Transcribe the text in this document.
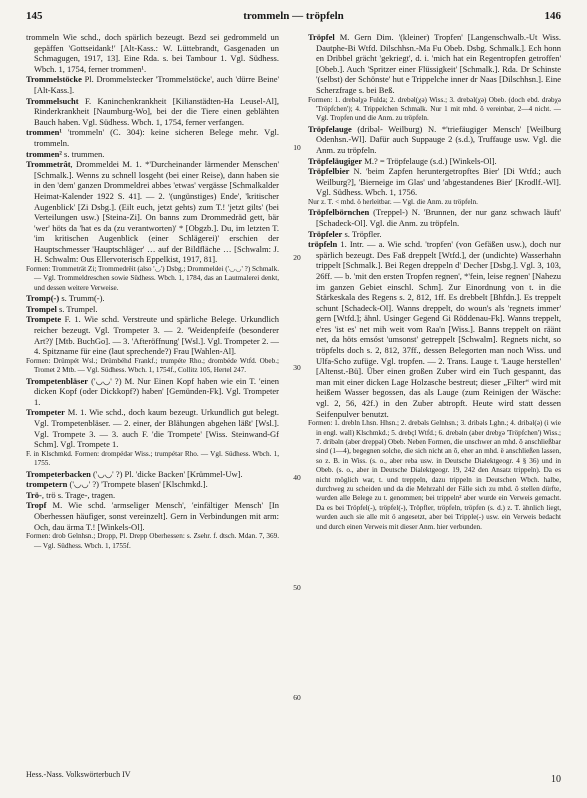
145	trommeln — tröpfeln	146

trommeln Wie schd., doch spärlich bezeugt. Bezd sei gedrommeld un gepäffen 'Gottseidank!' [Alt-Kass.: W. Lüttebrandt, Gasgenaden un Schmagugen, 1917, 13]. Eine Rda. s. bei Tambour 1. Vgl. Südhess. Wbch. 1, 1754, ferner trommen¹.

Trommelstöcke Pl. Drommelstecker 'Trommelstöcke', auch 'dürre Beine' [Alt-Kass.].

Trommelsucht F. Kaninchenkrankheit [Kilianstädten-Ha Leusel-Al], Rinderkrankheit [Naumburg-Wo], bei der die Tiere einen geblähten Bauch haben. Vgl. Südhess. Wbch. 1, 1754, ferner verfangen.

trommen¹ 'trommeln' (C. 304): keine sicheren Belege mehr. Vgl. trommeln.

trommen² s. trummen.

Trommetrât, Drommeldei M. 1. *'Durcheinander lärmender Menschen' [Schmalk.]. Wenns zu schnell losgeht (bei einer Reise), dann haben sie in den 'dem' ganzen Drommeldrei abbes 'etwas' vergässe [Schmalkalder Heimat-Kalender 1922 S. 41]. — 2. '(ungünstiges) Ende', 'kritischer Augenblick' [Zi Dsbg.]. (Eilt euch, jetzt gehts) zum T.! 'jetzt gilts' (bei Verteilungen usw.) [Steina-Zi]. On banns zum Drommedräd gett, bär 'wer' höts da 'hat es da (zu verantworten)' * [Obgzb.]. Du, im letzten T. 'im kritischen Augenblick (einer Schlägerei)' erschien der Hauptschmesser 'Hauptschläger' … auf der Bildfläche … [Schwalm: J. H. Schwalm: Ous Ellervoterisch Eppelkist, 1917, 81].

Formen: Trommeträt Zi; Trommedrëit (also '◡') Dsbg.; Drommeldei ('◡◡' ?) Schmalk. — Vgl. Trommeldreschen sowie Südhess. Wbch. 1, 1784, das an Lautmalerei denkt, und dessen weitere Verweise.

Tromp(-) s. Trumm(-).

Trompel s. Trumpel.

Trompete F. 1. Wie schd. Verstreute und spärliche Belege. Urkundlich reicher bezeugt. Vgl. Trompeter 3. — 2. 'Weidenpfeife (besonderer Art?)' [Mtb. BuchGo]. — 3. 'Afteröffnung' [Wsl.]. Vgl. Trompeter 2. — 4. Spitzname für eine (laut sprechende?) Frau [Wahlen-Al].

Formen: Drümpét Wsl.; Drümbéhd Frankf.; trumpéte Rho.; drombéde Wtfd. Obeb.; Tromet 2 Mtb. — Vgl. Südhess. Wbch. 1, 1754f., Collitz 105, Hertel 247.

Trompetenbläser ('◡◡' ?) M. Nur Einen Kopf haben wie ein T. 'einen dicken Kopf (oder Dickkopf?) haben' [Gemünden-Fk]. Vgl. Trompeter 1.

Trompeter M. 1. Wie schd., doch kaum bezeugt. Urkundlich gut belegt. Vgl. Trompetenbläser. — 2. einer, der Blähungen abgehen läßt' [Wsl.]. Vgl. Trompete 3. — 3. auch F. 'die Trompete' [Wiss. Steinwand-Gf Schm]. Vgl. Trompete 1.

F. in Klschmkd. Formen: drompédər Wiss.; trumpétər Rho. — Vgl. Südhess. Wbch. 1, 1755.

Trompeterbacken ('◡◡' ?) Pl. 'dicke Backen' [Krümmel-Uw].

trompetern ('◡◡' ?) 'Trompete blasen' [Klschmkd.].

Trö-, trö s. Trage-, tragen.

Tropf M. Wie schd. 'armseliger Mensch', 'einfältiger Mensch' [In Oberhessen häufiger, sonst vereinzelt]. Gern in Verbindungen mit arm: Och, dau ärma T.! [Winkels-Ol].

Formen: drob Gelnhsn.; Dropp, Pl. Drepp Oberhessen: s. Zsehr. f. dtsch. Mdan. 7, 369. — Vgl. Südhess. Wbch. 1, 1755f.

Tröpfel M. Gern Dim. '(kleiner) Tropfen' [Langenschwalb.-Ut Wiss. Dautphe-Bi Wtfd. Dilschhsn.-Ma Fu Obeb. Dsbg. Schmalk.]. Ech honn en Dribbel grächt 'gekriegt', d. i. 'mich hat ein Regentropfen getroffen' [Obeb.]. Auch 'Spritzer einer Flüssigkeit' [Schmalk.]. Rda. Dr Schinste '(selbst) der Schönste' hut e Trippelche inner dr Naas [Dilschhsn.]. Eine Scherzfrage s. bei Beß.

Formen: 1. drebəlχə Fulda; 2. drebəl(χə) Wiss.; 3. drebəl(χə) Obeb. (doch ebd. drəbχə 'Tröpfchen'); 4. Trippelchen Schmalk. Nur 1 mit mhd. ō vereinbar, 2—4 nicht. — Vgl. Tropfen und die Anm. zu tröpfeln.

Tröpfelauge (dribəl- Weilburg) N. *'triefäugiger Mensch' [Weilburg Odenhsn.-Wl]. Dafür auch Suppauge 2 (s.d.), Truffauge usw. Vgl. die Anm. zu tröpfeln.

Tröpfeläugiger M.? = Tröpfelauge (s.d.) [Winkels-Ol].

Tröpfelbier N. 'beim Zapfen heruntergetropftes Bier' [Di Wtfd.; auch Weilburg?], 'Bierneige im Glas' und 'abgestandenes Bier' [Krodlf.-Wl]. Vgl. Südhess. Wbch. 1, 1756.

Nur z. T. < mhd. ö herleitbar. — Vgl. die Anm. zu tröpfeln.

Tröpfelbörnchen (Treppel-) N. 'Brunnen, der nur ganz schwach läuft' [Schadeck-Ol]. Vgl. die Anm. zu tröpfeln.

Tröpfeler s. Tröpfler.

tröpfeln 1. Intr. — a. Wie schd. 'tropfen' (von Gefäßen usw.), doch nur spärlich bezeugt. Des Faß dreppelt [Wtfd.], der (undichte) Wasserhahn trippelt [Schmalk.]. Bei Regen dreppeln d' Decher [Dsbg.]. Vgl. 3, 103, 26ff. — b. 'mit den ersten Tropfen regnen', *'fein, leise regnen' [Nahezu im ganzen Gebiet einschl. Schm]. Zur Einordnung von t. in die Stärkeskala des Regens s. 2, 812, 1ff. Es drebbelt [Bhfdn.]. Es treppelt schunt [Schadeck-Ol]. Wanns dreppelt, do woun's als 'regnets immer' gern [Wtfd.]; ähnl. Usinger Gegend Gi Röddenau-Fk]. Wanns treppelt, e'res 'ist es' net mih weit vom Raa'n [Wiss.]. Banns treppelt on räänt net, da höts emsóst 'umsonst' getreppelt [Schwalm]. Regnets nicht, so tröpfelts doch s. 2, 812, 37ff., dessen Belegorten man noch Wiss. und Ulfa-Scho zufüge. Vgl. tropfen. — 2. Trans. Lauge t. 'Lauge herstellen' [Altenst.-Bü]. Über einen großen Zuber wird ein Tuch gespannt, das man mit einer dicken Lage Holzasche bestreut; dieser „Filter“ wird mit heißem Wasser begossen, das als Lauge (zum Reinigen der Wäsche: vgl. 2, 56, 42f.) in den Zuber abtropft. Heute wird statt dessen Seifenpulver benutzt.

Formen: 1. drebln Lhsn. Hhsn.; 2. drebəls Gelnhsn.; 3. dribəls Lghn.; 4. dribəl(ə) (i wie in engl. wall) Klschmkd.; 5. drebçl Wtfd.; 6. drebəln (aber drebχə 'Tröpfchen') Wiss.; 7. dribəln (aber dreppəl) Obeb. Neben Formen, die unschwer an mhd. ō anschließbar sind (1—4), begegnen solche, die sich nicht an ō, eher an mhd. ë anschließen lassen, so z. B. in Wiss. (s. o., aber reba usw. in Deutsche Dialektgeogr. 4 § 36) und in Obeb. (s. o., aber in Deutsche Dialektgeogr. 19, 242 den Ansatz trippeln). Da es nicht möglich war, t. und treppeln, dazu trippeln in Deutschen Wbch. halbe, durchweg zu scheiden und da die Mehrzahl der Fälle sich zu mhd. ō stellen dürfte, wurden alle Belege zu t. genommen; bei trippeln² aber wurde ein Verweis gemacht. Da es bei Tröpfel(-), tröpfel(-), Tröpfler, tröpfeln, tröpfen (s. d.) z. T. ähnlich liegt, wurden auch sie alle mit ö angesetzt, aber bei Tripple(-) usw. ein Verweis bedacht und durch einen Verweis mit dieser Anm. hier verbunden.

10
20
30
40
50
60
Hess.-Nass. Volkswörterbuch IV	10
